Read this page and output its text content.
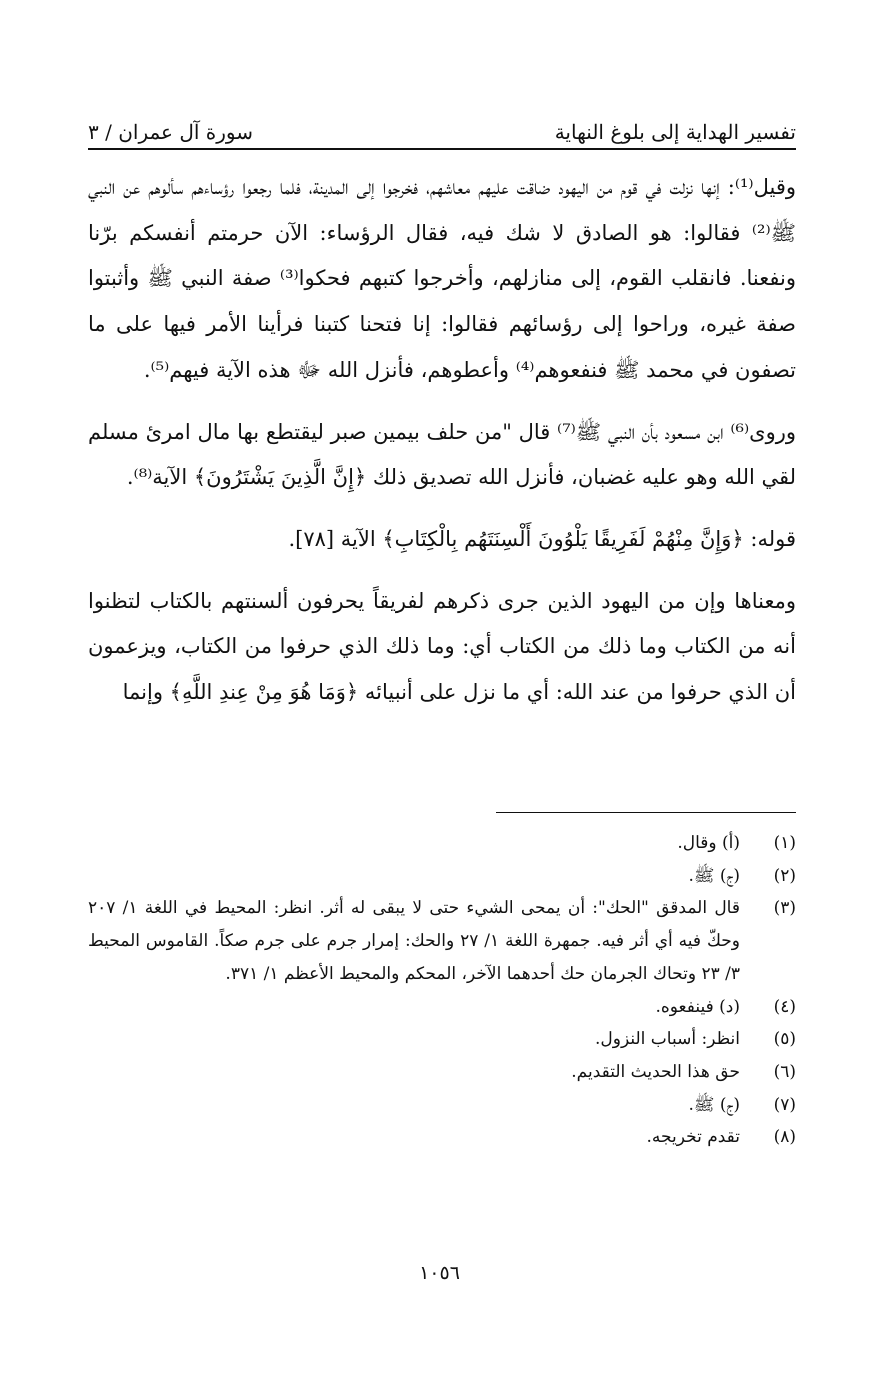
تفسير الهداية إلى بلوغ النهاية
سورة آل عمران / ٣

وقيل⁽¹⁾: إنها نزلت في قوم من اليهود ضاقت عليهم معاشهم، فخرجوا إلى المدينة، فلما رجعوا رؤساءهم سألوهم عن النبي ﷺ⁽²⁾ فقالوا: هو الصادق لا شك فيه، فقال الرؤساء: الآن حرمتم أنفسكم برّنا ونفعنا. فانقلب القوم، إلى منازلهم، وأخرجوا كتبهم فحكوا⁽³⁾ صفة النبي ﷺ وأثبتوا صفة غيره، وراحوا إلى رؤسائهم فقالوا: إنا فتحنا كتبنا فرأينا الأمر فيها على ما تصفون في محمد ﷺ فنفعوهم⁽⁴⁾ وأعطوهم، فأنزل الله ﷻ هذه الآية فيهم⁽⁵⁾.

وروى⁽⁶⁾ ابن مسعود بأن النبي ﷺ⁽⁷⁾ قال "من حلف بيمين صبر ليقتطع بها مال امرئ مسلم لقي الله وهو عليه غضبان، فأنزل الله تصديق ذلك ﴿إِنَّ الَّذِينَ يَشْتَرُونَ﴾ الآية⁽⁸⁾.

قوله: ﴿وَإِنَّ مِنْهُمْ لَفَرِيقًا يَلْوُونَ أَلْسِنَتَهُم بِالْكِتَابِ﴾ الآية [٧٨].

ومعناها وإن من اليهود الذين جرى ذكرهم لفريقاً يحرفون ألسنتهم بالكتاب لتظنوا أنه من الكتاب وما ذلك من الكتاب أي: وما ذلك الذي حرفوا من الكتاب، ويزعمون أن الذي حرفوا من عند الله: أي ما نزل على أنبيائه ﴿وَمَا هُوَ مِنْ عِندِ اللَّهِ﴾ وإنما

(١)
(أ) وقال.
(٢)
(ج) ﷺ.
(٣)
قال المدقق "الحك": أن يمحى الشيء حتى لا يبقى له أثر. انظر: المحيط في اللغة ١/ ٢٠٧ وحكّ فيه أي أثر فيه. جمهرة اللغة ١/ ٢٧ والحك: إمرار جرم على جرم صكاً. القاموس المحيط ٣/ ٢٣ وتحاك الجرمان حك أحدهما الآخر، المحكم والمحيط الأعظم ١/ ٣٧١.
(٤)
(د) فينفعوه.
(٥)
انظر: أسباب النزول.
(٦)
حق هذا الحديث التقديم.
(٧)
(ج) ﷺ.
(٨)
تقدم تخريجه.
١٠٥٦
